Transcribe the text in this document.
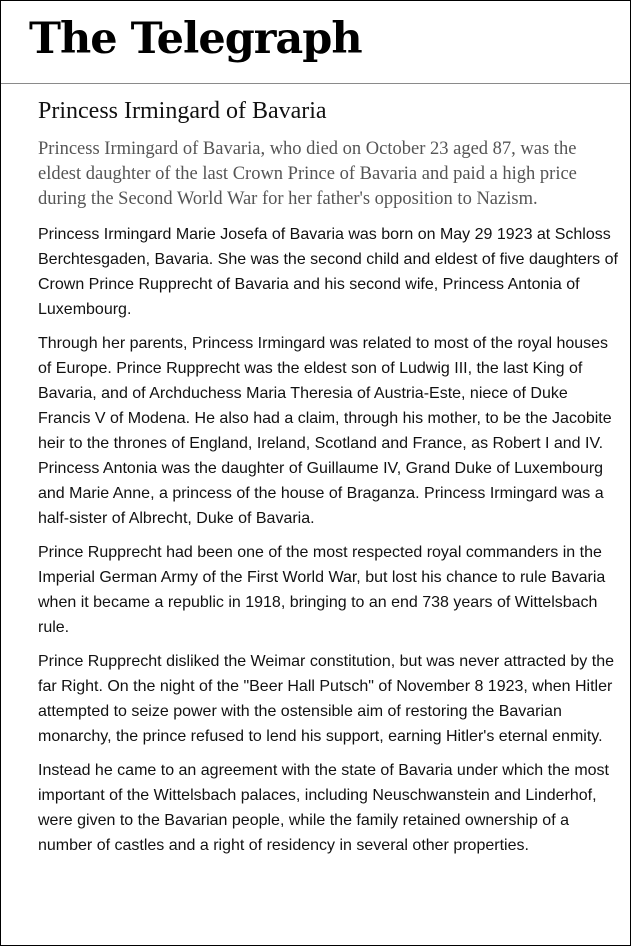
The Telegraph
Princess Irmingard of Bavaria

Princess Irmingard of Bavaria, who died on October 23 aged 87, was the eldest daughter of the last Crown Prince of Bavaria and paid a high price during the Second World War for her father's opposition to Nazism.

Princess Irmingard Marie Josefa of Bavaria was born on May 29 1923 at Schloss Berchtesgaden, Bavaria. She was the second child and eldest of five daughters of Crown Prince Rupprecht of Bavaria and his second wife, Princess Antonia of Luxembourg.

Through her parents, Princess Irmingard was related to most of the royal houses of Europe. Prince Rupprecht was the eldest son of Ludwig III, the last King of Bavaria, and of Archduchess Maria Theresia of Austria-Este, niece of Duke Francis V of Modena. He also had a claim, through his mother, to be the Jacobite heir to the thrones of England, Ireland, Scotland and France, as Robert I and IV. Princess Antonia was the daughter of Guillaume IV, Grand Duke of Luxembourg and Marie Anne, a princess of the house of Braganza. Princess Irmingard was a half-sister of Albrecht, Duke of Bavaria.

Prince Rupprecht had been one of the most respected royal commanders in the Imperial German Army of the First World War, but lost his chance to rule Bavaria when it became a republic in 1918, bringing to an end 738 years of Wittelsbach rule.

Prince Rupprecht disliked the Weimar constitution, but was never attracted by the far Right. On the night of the "Beer Hall Putsch" of November 8 1923, when Hitler attempted to seize power with the ostensible aim of restoring the Bavarian monarchy, the prince refused to lend his support, earning Hitler's eternal enmity.

Instead he came to an agreement with the state of Bavaria under which the most important of the Wittelsbach palaces, including Neuschwanstein and Linderhof, were given to the Bavarian people, while the family retained ownership of a number of castles and a right of residency in several other properties.
